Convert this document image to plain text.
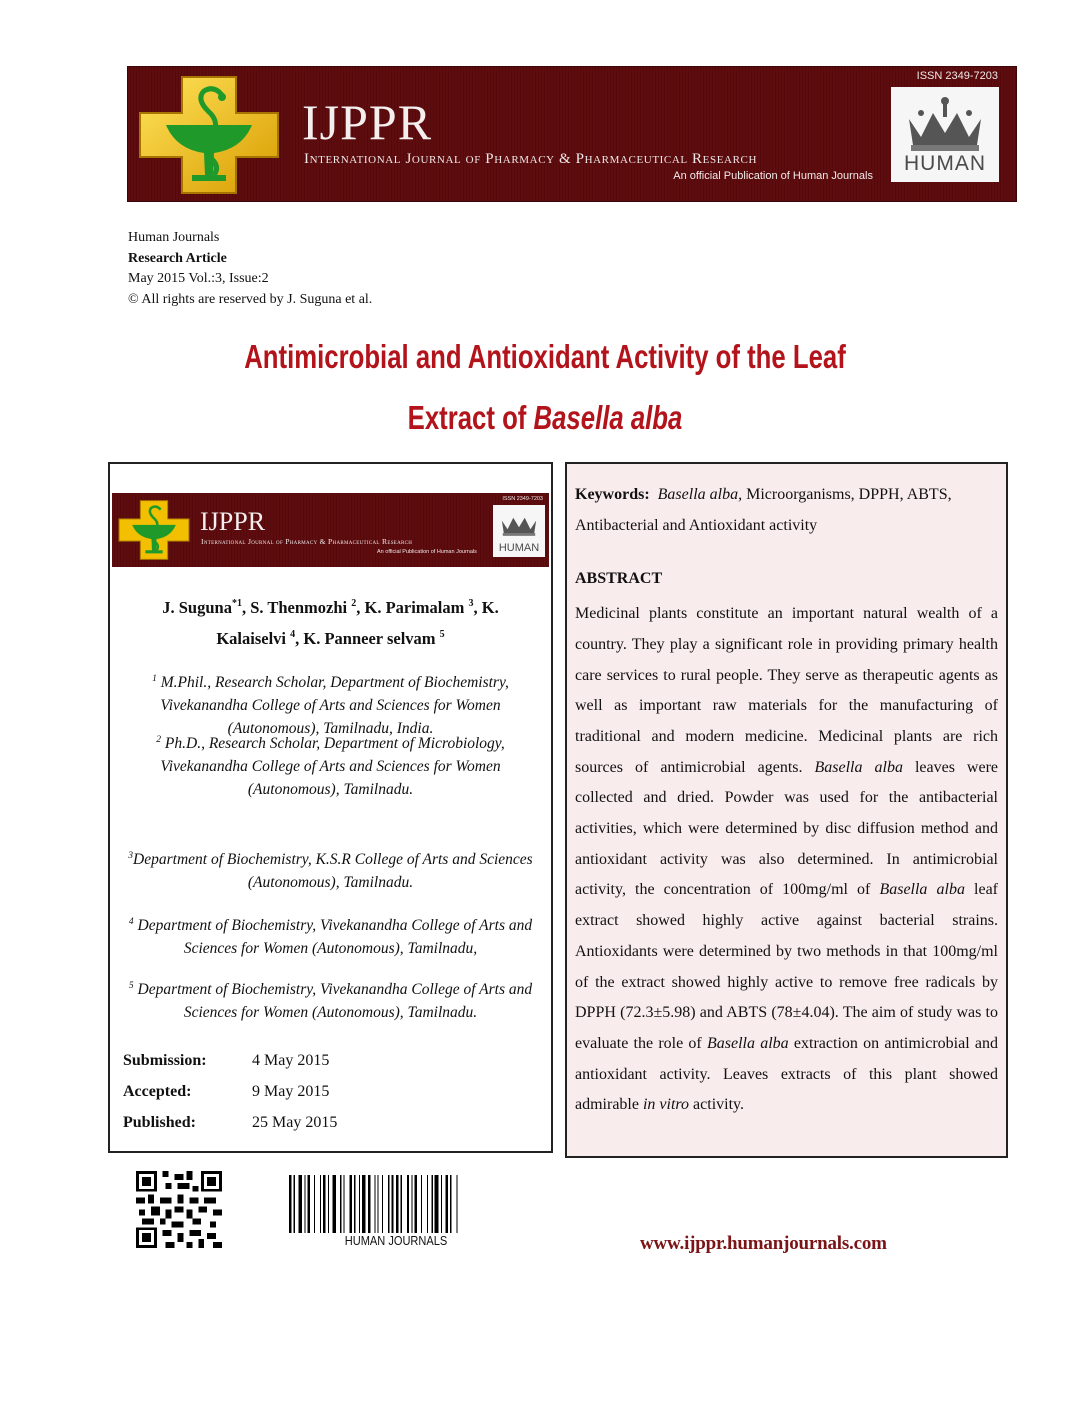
IJPPR
International Journal of Pharmacy & Pharmaceutical Research
An official Publication of Human Journals
ISSN 2349-7203
HUMAN
Human Journals
Research Article
May 2015 Vol.:3, Issue:2
© All rights are reserved by J. Suguna et al.
Antimicrobial and Antioxidant Activity of the Leaf
Extract of Basella alba
IJPPR
International Journal of Pharmacy & Pharmaceutical Research
An official Publication of Human Journals
ISSN 2349-7203
HUMAN
J. Suguna$^{*1}$, S. Thenmozhi $^2$, K. Parimalam $^3$, K.
Kalaiselvi $^4$, K. Panneer selvam $^5$
$^1$ M.Phil., Research Scholar, Department of Biochemistry, Vivekanandha College of Arts and Sciences for Women (Autonomous), Tamilnadu, India.
$^2$ Ph.D., Research Scholar, Department of Microbiology, Vivekanandha College of Arts and Sciences for Women (Autonomous), Tamilnadu.
$^3$Department of Biochemistry, K.S.R College of Arts and Sciences (Autonomous), Tamilnadu.
$^4$ Department of Biochemistry, Vivekanandha College of Arts and Sciences for Women (Autonomous), Tamilnadu,
$^5$ Department of Biochemistry, Vivekanandha College of Arts and Sciences for Women (Autonomous), Tamilnadu.
Submission:	4 May 2015
Accepted:	9 May 2015
Published:	25 May 2015
Keywords: Basella alba, Microorganisms, DPPH, ABTS, Antibacterial and Antioxidant activity
ABSTRACT
Medicinal plants constitute an important natural wealth of a country. They play a significant role in providing primary health care services to rural people. They serve as therapeutic agents as well as important raw materials for the manufacturing of traditional and modern medicine. Medicinal plants are rich sources of antimicrobial agents. Basella alba leaves were collected and dried. Powder was used for the antibacterial activities, which were determined by disc diffusion method and antioxidant activity was also determined. In antimicrobial activity, the concentration of 100mg/ml of Basella alba leaf extract showed highly active against bacterial strains. Antioxidants were determined by two methods in that 100mg/ml of the extract showed highly active to remove free radicals by DPPH (72.3±5.98) and ABTS (78±4.04). The aim of study was to evaluate the role of Basella alba extraction on antimicrobial and antioxidant activity. Leaves extracts of this plant showed admirable in vitro activity.
HUMAN JOURNALS	www.ijppr.humanjournals.com
